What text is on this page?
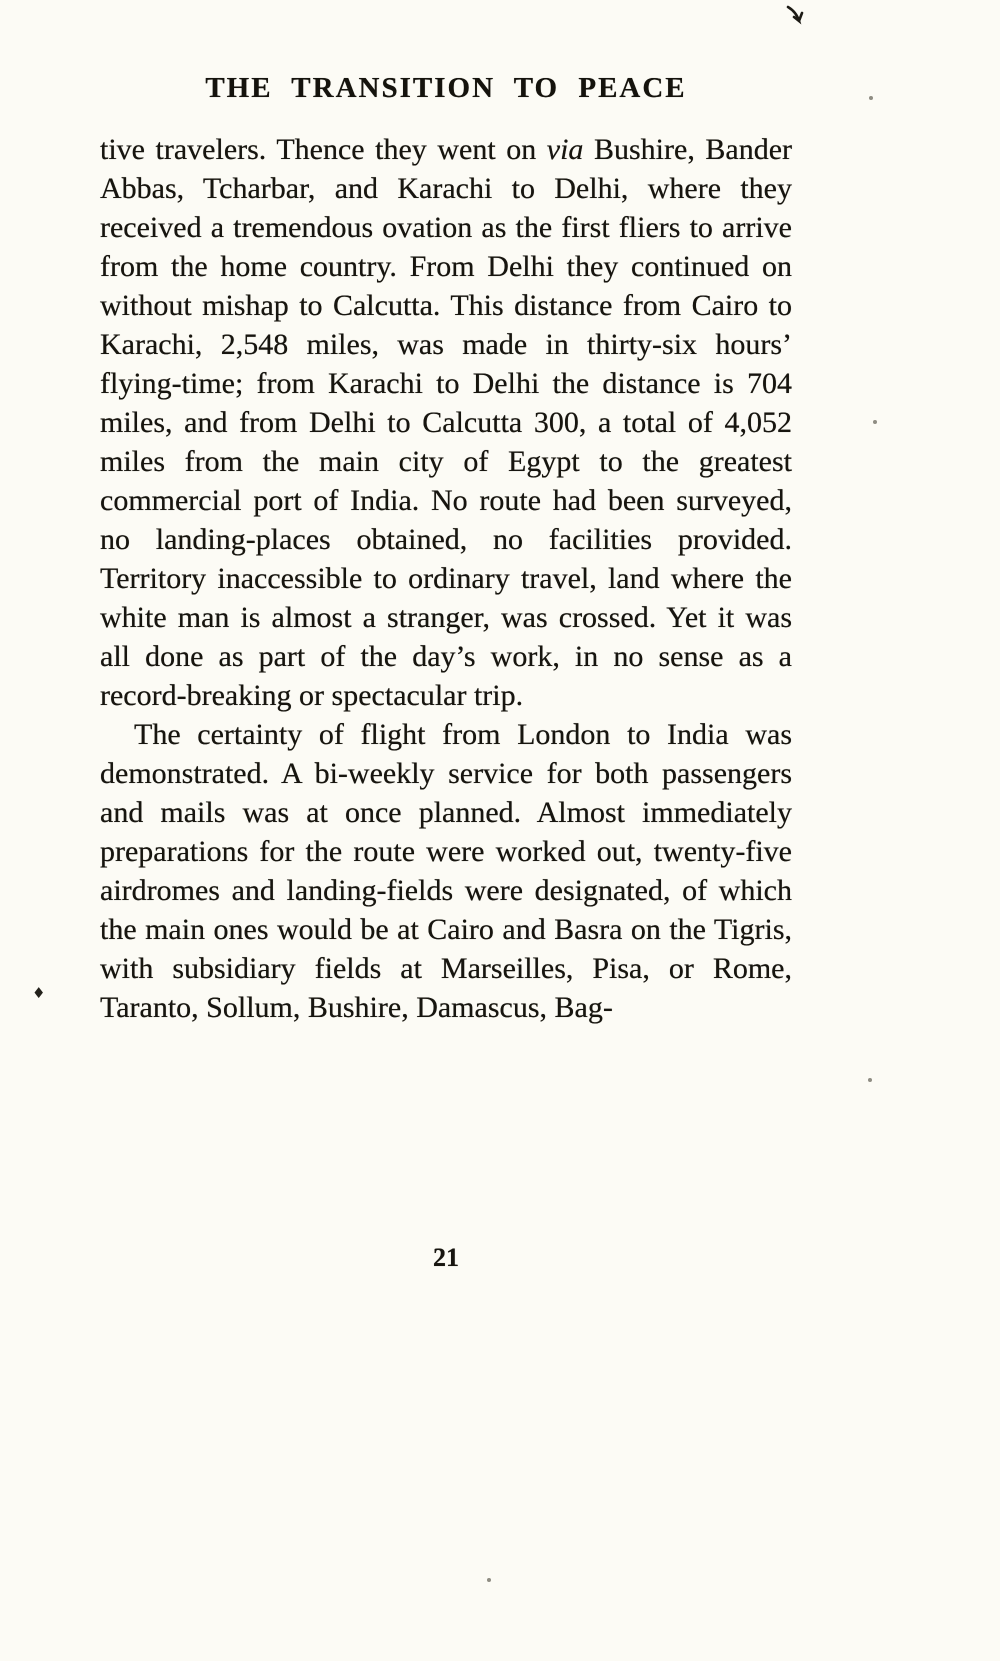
THE TRANSITION TO PEACE

tive travelers. Thence they went on via Bushire, Bander Abbas, Tcharbar, and Karachi to Delhi, where they received a tremendous ovation as the first fliers to arrive from the home country. From Delhi they continued on without mishap to Calcutta. This distance from Cairo to Karachi, 2,548 miles, was made in thirty-six hours’ flying-time; from Karachi to Delhi the distance is 704 miles, and from Delhi to Calcutta 300, a total of 4,052 miles from the main city of Egypt to the greatest commercial port of India. No route had been surveyed, no landing-places obtained, no facilities provided. Territory inaccessible to ordinary travel, land where the white man is almost a stranger, was crossed. Yet it was all done as part of the day’s work, in no sense as a record-breaking or spectacular trip.

The certainty of flight from London to India was demonstrated. A bi-weekly service for both passengers and mails was at once planned. Almost immediately preparations for the route were worked out, twenty-five airdromes and landing-fields were designated, of which the main ones would be at Cairo and Basra on the Tigris, with subsidiary fields at Marseilles, Pisa, or Rome, Taranto, Sollum, Bushire, Damascus, Bag-

♦
21
